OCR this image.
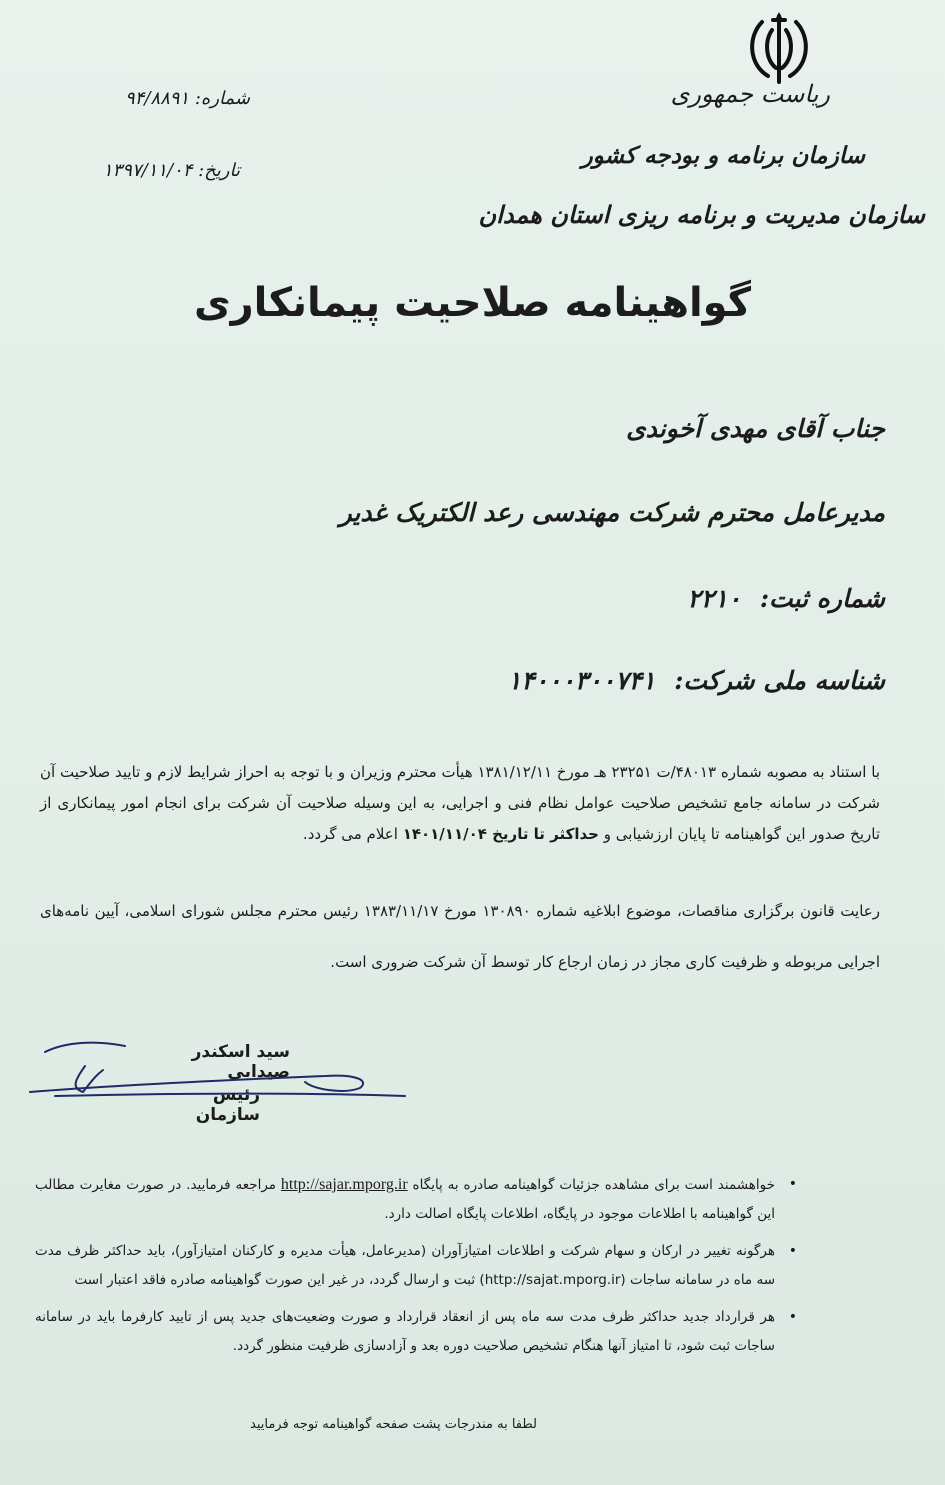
ریاست جمهوری
سازمان برنامه و بودجه کشور
سازمان مدیریت و برنامه ریزی استان همدان
شماره: ۹۴/۸۸۹۱
تاریخ: ۱۳۹۷/۱۱/۰۴
گواهینامه صلاحیت پیمانکاری
جناب آقای مهدی آخوندی
مدیرعامل محترم شرکت مهندسی رعد الکتریک غدیر
شماره ثبت: ۲۲۱۰
شناسه ملی شرکت: ۱۴۰۰۰۳۰۰۷۴۱
با استناد به مصوبه شماره ۴۸۰۱۳/ت ۲۳۲۵۱ هـ مورخ ۱۳۸۱/۱۲/۱۱ هیأت محترم وزیران و با توجه به احراز شرایط لازم و تایید صلاحیت آن شرکت در سامانه جامع تشخیص صلاحیت عوامل نظام فنی و اجرایی، به این وسیله صلاحیت آن شرکت برای انجام امور پیمانکاری از تاریخ صدور این گواهینامه تا پایان ارزشیابی و حداکثر تا تاریخ ۱۴۰۱/۱۱/۰۴ اعلام می گردد.
رعایت قانون برگزاری مناقصات، موضوع ابلاغیه شماره ۱۳۰۸۹۰ مورخ ۱۳۸۳/۱۱/۱۷ رئیس محترم مجلس شورای اسلامی، آیین نامه‌های اجرایی مربوطه و ظرفیت کاری مجاز در زمان ارجاع کار توسط آن شرکت ضروری است.
سید اسکندر صیدایی
رئیس سازمان
•
خواهشمند است برای مشاهده جزئیات گواهینامه صادره به پایگاه http://sajar.mporg.ir مراجعه فرمایید. در صورت مغایرت مطالب این گواهینامه با اطلاعات موجود در پایگاه، اطلاعات پایگاه اصالت دارد.
•
هرگونه تغییر در ارکان و سهام شرکت و اطلاعات امتیازآوران (مدیرعامل، هیأت مدیره و کارکنان امتیازآور)، باید حداکثر ظرف مدت سه ماه در سامانه ساجات (http://sajat.mporg.ir) ثبت و ارسال گردد، در غیر این صورت گواهینامه صادره فاقد اعتبار است
•
هر قرارداد جدید حداکثر ظرف مدت سه ماه پس از انعقاد قرارداد و صورت وضعیت‌های جدید پس از تایید کارفرما باید در سامانه ساجات ثبت شود، تا امتیاز آنها هنگام تشخیص صلاحیت دوره بعد و آزادسازی ظرفیت منظور گردد.
لطفا به مندرجات پشت صفحه گواهینامه توجه فرمایید
